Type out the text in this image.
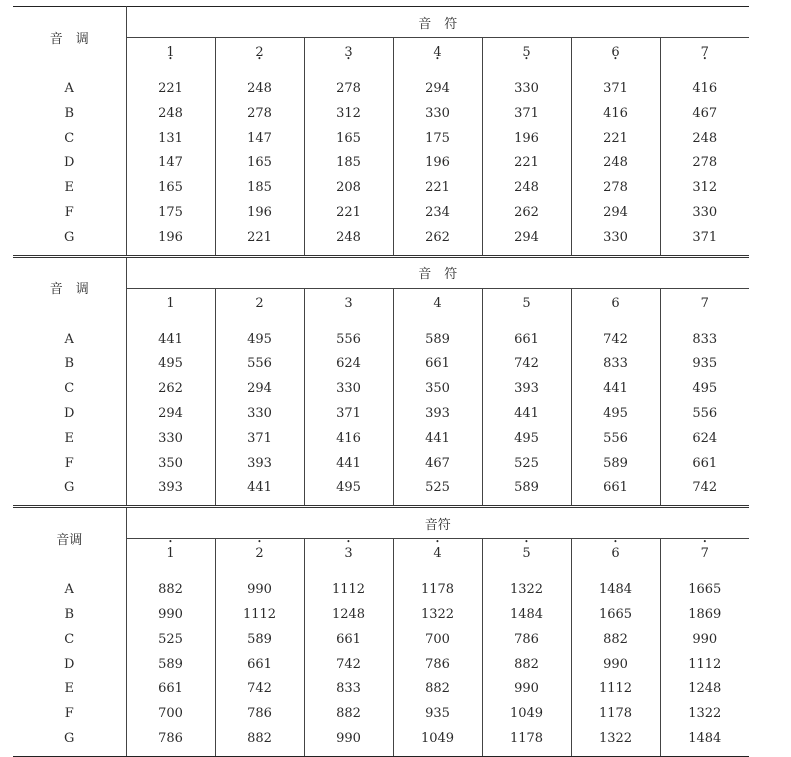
音　调	音　符						
	1 •	2 •	3 •	4 •	5 •	6 •	7 •
A	221	248	278	294	330	371	416
B	248	278	312	330	371	416	467
C	131	147	165	175	196	221	248
D	147	165	185	196	221	248	278
E	165	185	208	221	248	278	312
F	175	196	221	234	262	294	330
G	196	221	248	262	294	330	371
音　调	音　符						
	1	2	3	4	5	6	7
A	441	495	556	589	661	742	833
B	495	556	624	661	742	833	935
C	262	294	330	350	393	441	495
D	294	330	371	393	441	495	556
E	330	371	416	441	495	556	624
F	350	393	441	467	525	589	661
G	393	441	495	525	589	661	742
音调	音符						
	• 1	• 2	• 3	• 4	• 5	• 6	• 7
A	882	990	1112	1178	1322	1484	1665
B	990	1112	1248	1322	1484	1665	1869
C	525	589	661	700	786	882	990
D	589	661	742	786	882	990	1112
E	661	742	833	882	990	1112	1248
F	700	786	882	935	1049	1178	1322
G	786	882	990	1049	1178	1322	1484
